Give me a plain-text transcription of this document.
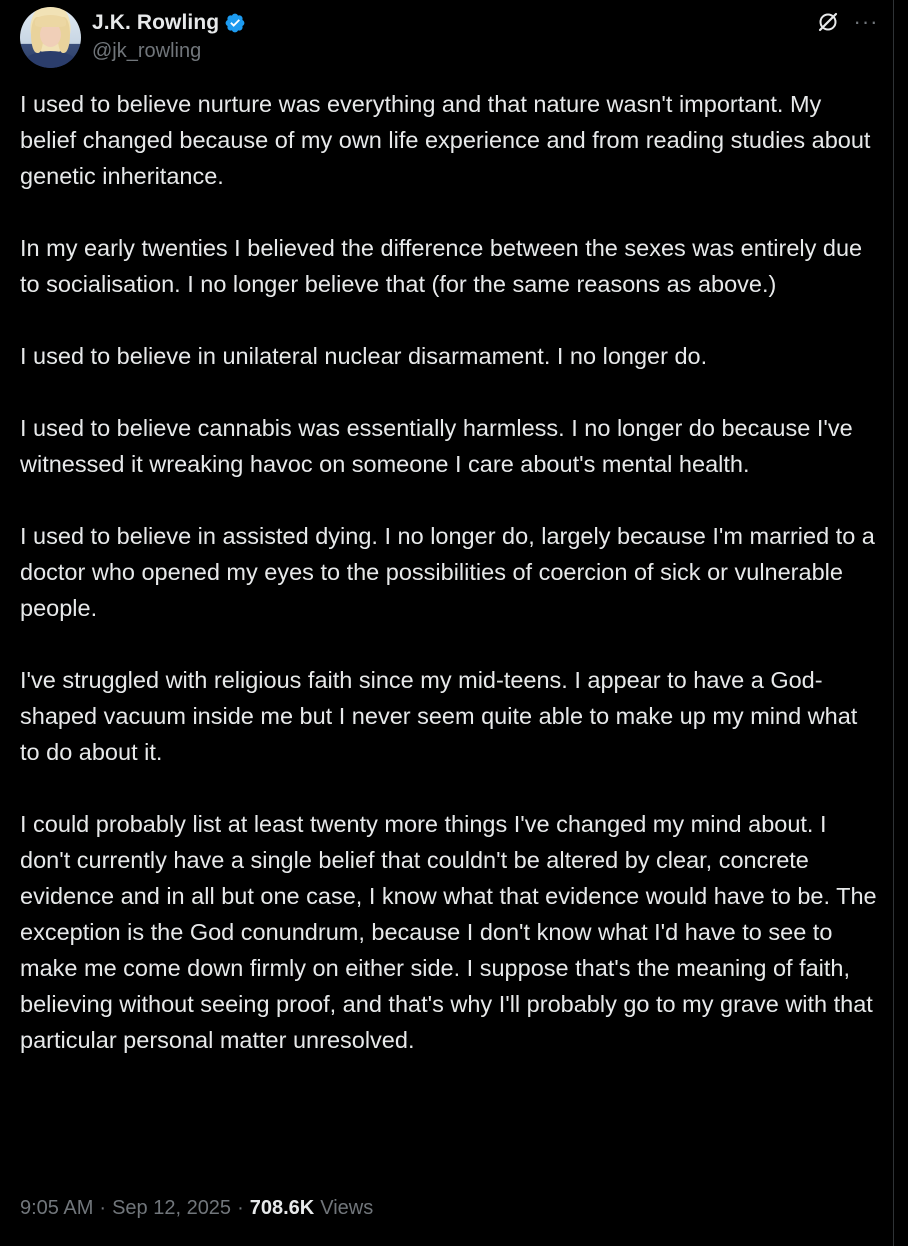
J.K. Rowling
@jk_rowling
···

I used to believe nurture was everything and that nature wasn't important. My belief changed because of my own life experience and from reading studies about genetic inheritance.

In my early twenties I believed the difference between the sexes was entirely due to socialisation. I no longer believe that (for the same reasons as above.)

I used to believe in unilateral nuclear disarmament. I no longer do.

I used to believe cannabis was essentially harmless. I no longer do because I've witnessed it wreaking havoc on someone I care about's mental health.

I used to believe in assisted dying. I no longer do, largely because I'm married to a doctor who opened my eyes to the possibilities of coercion of sick or vulnerable people.

I've struggled with religious faith since my mid-teens. I appear to have a God-shaped vacuum inside me but I never seem quite able to make up my mind what to do about it.

I could probably list at least twenty more things I've changed my mind about. I don't currently have a single belief that couldn't be altered by clear, concrete evidence and in all but one case, I know what that evidence would have to be. The exception is the God conundrum, because I don't know what I'd have to see to make me come down firmly on either side. I suppose that's the meaning of faith, believing without seeing proof, and that's why I'll probably go to my grave with that particular personal matter unresolved.

9:05 AM · Sep 12, 2025 · 708.6K Views
